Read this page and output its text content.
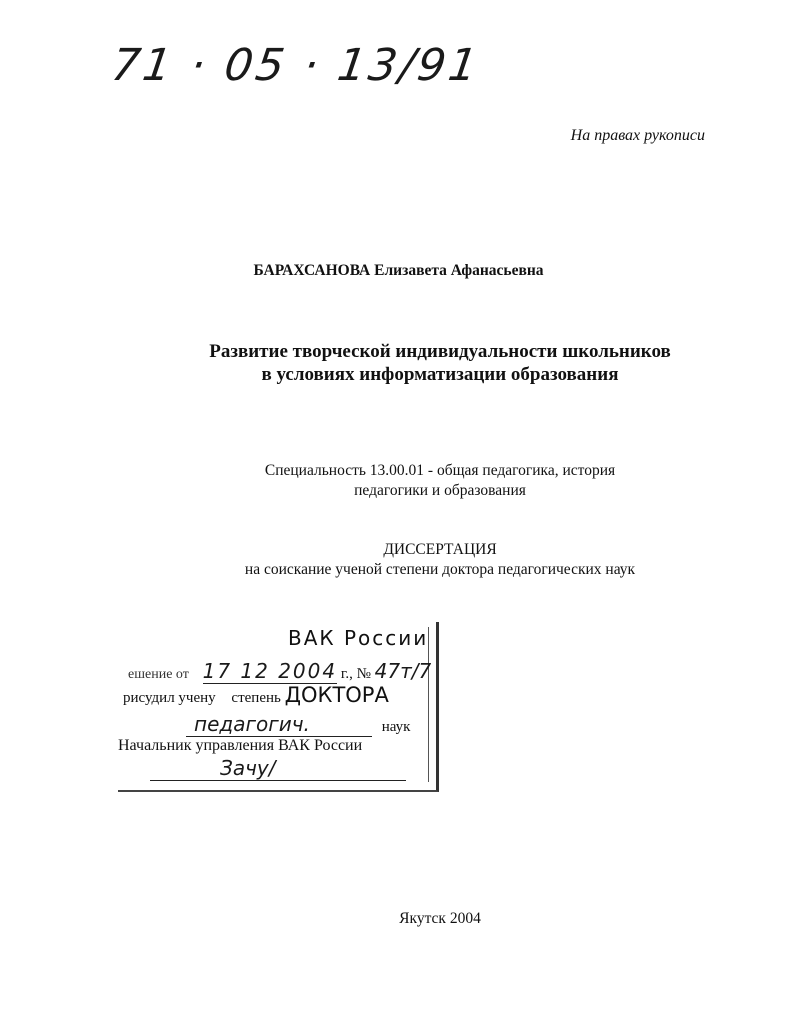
71 · 05 · 13/91
На правах рукописи
БАРАХСАНОВА Елизавета Афанасьевна
Развитие творческой индивидуальности школьников
в условиях информатизации образования
Специальность 13.00.01 - общая педагогика, история
педагогики и образования
ДИССЕРТАЦИЯ
на соискание ученой степени доктора педагогических наук
ВАК России
ешение от 17 12 2004 г., № 47т/7
рисудил учену степень ДОКТОРА
педагогич.	наук
Начальник управления ВАК России
Зачу/
Якутск 2004
